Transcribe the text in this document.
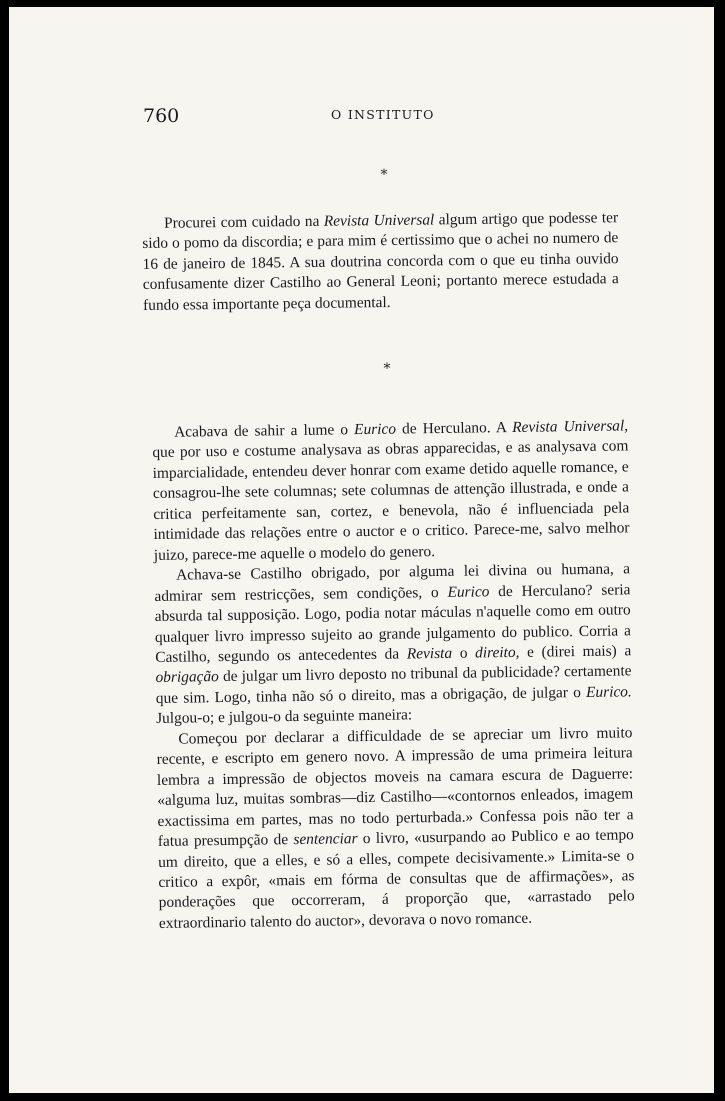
760	O INSTITUTO
*

Procurei com cuidado na Revista Universal algum artigo que podesse ter sido o pomo da discordia; e para mim é certissimo que o achei no numero de 16 de janeiro de 1845. A sua doutrina concorda com o que eu tinha ouvido confusamente dizer Castilho ao General Leoni; portanto merece estudada a fundo essa importante peça documental.

*

Acabava de sahir a lume o Eurico de Herculano. A Revista Universal, que por uso e costume analysava as obras apparecidas, e as analysava com imparcialidade, entendeu dever honrar com exame detido aquelle romance, e consagrou-lhe sete columnas; sete columnas de attenção illustrada, e onde a critica perfeitamente san, cortez, e benevola, não é influenciada pela intimidade das relações entre o auctor e o critico. Parece-me, salvo melhor juizo, parece-me aquelle o modelo do genero.

Achava-se Castilho obrigado, por alguma lei divina ou humana, a admirar sem restricções, sem condições, o Eurico de Herculano? seria absurda tal supposição. Logo, podia notar máculas n'aquelle como em outro qualquer livro impresso sujeito ao grande julgamento do publico. Corria a Castilho, segundo os antecedentes da Revista o direito, e (direi mais) a obrigação de julgar um livro deposto no tribunal da publicidade? certamente que sim. Logo, tinha não só o direito, mas a obrigação, de julgar o Eurico. Julgou-o; e julgou-o da seguinte maneira:

Começou por declarar a difficuldade de se apreciar um livro muito recente, e escripto em genero novo. A impressão de uma primeira leitura lembra a impressão de objectos moveis na camara escura de Daguerre: «alguma luz, muitas sombras—diz Castilho—«contornos enleados, imagem exactissima em partes, mas no todo perturbada.» Confessa pois não ter a fatua presumpção de sentenciar o livro, «usurpando ao Publico e ao tempo um direito, que a elles, e só a elles, compete decisivamente.» Limita-se o critico a expôr, «mais em fórma de consultas que de affirmações», as ponderações que occorreram, á proporção que, «arrastado pelo extraordinario talento do auctor», devorava o novo romance.
